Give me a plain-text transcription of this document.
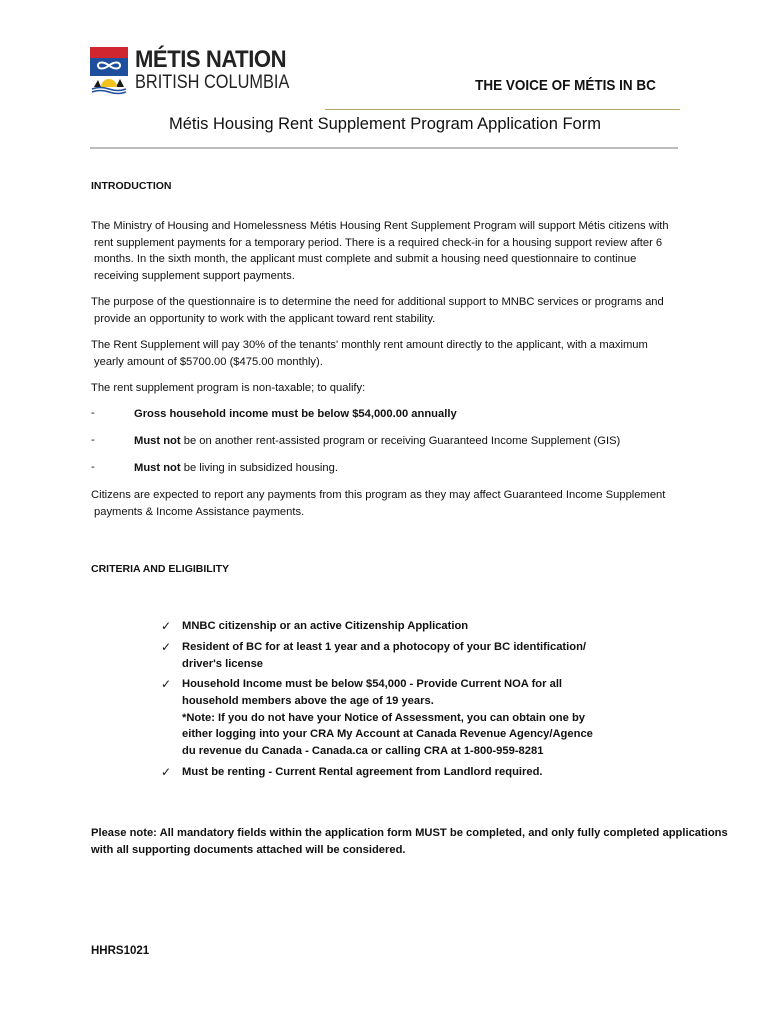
MÉTIS NATION
BRITISH COLUMBIA	THE VOICE OF MÉTIS IN BC
Métis Housing Rent Supplement Program Application Form
INTRODUCTION
The Ministry of Housing and Homelessness Métis Housing Rent Supplement Program will support Métis citizens with rent supplement payments for a temporary period. There is a required check-in for a housing support review after 6 months. In the sixth month, the applicant must complete and submit a housing need questionnaire to continue receiving supplement support payments.
The purpose of the questionnaire is to determine the need for additional support to MNBC services or programs and provide an opportunity to work with the applicant toward rent stability.
The Rent Supplement will pay 30% of the tenants' monthly rent amount directly to the applicant, with a maximum yearly amount of $5700.00 ($475.00 monthly).
The rent supplement program is non-taxable; to qualify:
-	Gross household income must be below $54,000.00 annually
-	Must not be on another rent-assisted program or receiving Guaranteed Income Supplement (GIS)
-	Must not be living in subsidized housing.
Citizens are expected to report any payments from this program as they may affect Guaranteed Income Supplement payments & Income Assistance payments.
CRITERIA AND ELIGIBILITY
✓ MNBC citizenship or an active Citizenship Application
✓ Resident of BC for at least 1 year and a photocopy of your BC identification/
driver's license
✓ Household Income must be below $54,000 - Provide Current NOA for all
household members above the age of 19 years.
*Note: If you do not have your Notice of Assessment, you can obtain one by
either logging into your CRA My Account at Canada Revenue Agency/Agence
du revenue du Canada - Canada.ca or calling CRA at 1-800-959-8281
✓ Must be renting - Current Rental agreement from Landlord required.
Please note: All mandatory fields within the application form MUST be completed, and only fully completed applications with all supporting documents attached will be considered.
HHRS1021
